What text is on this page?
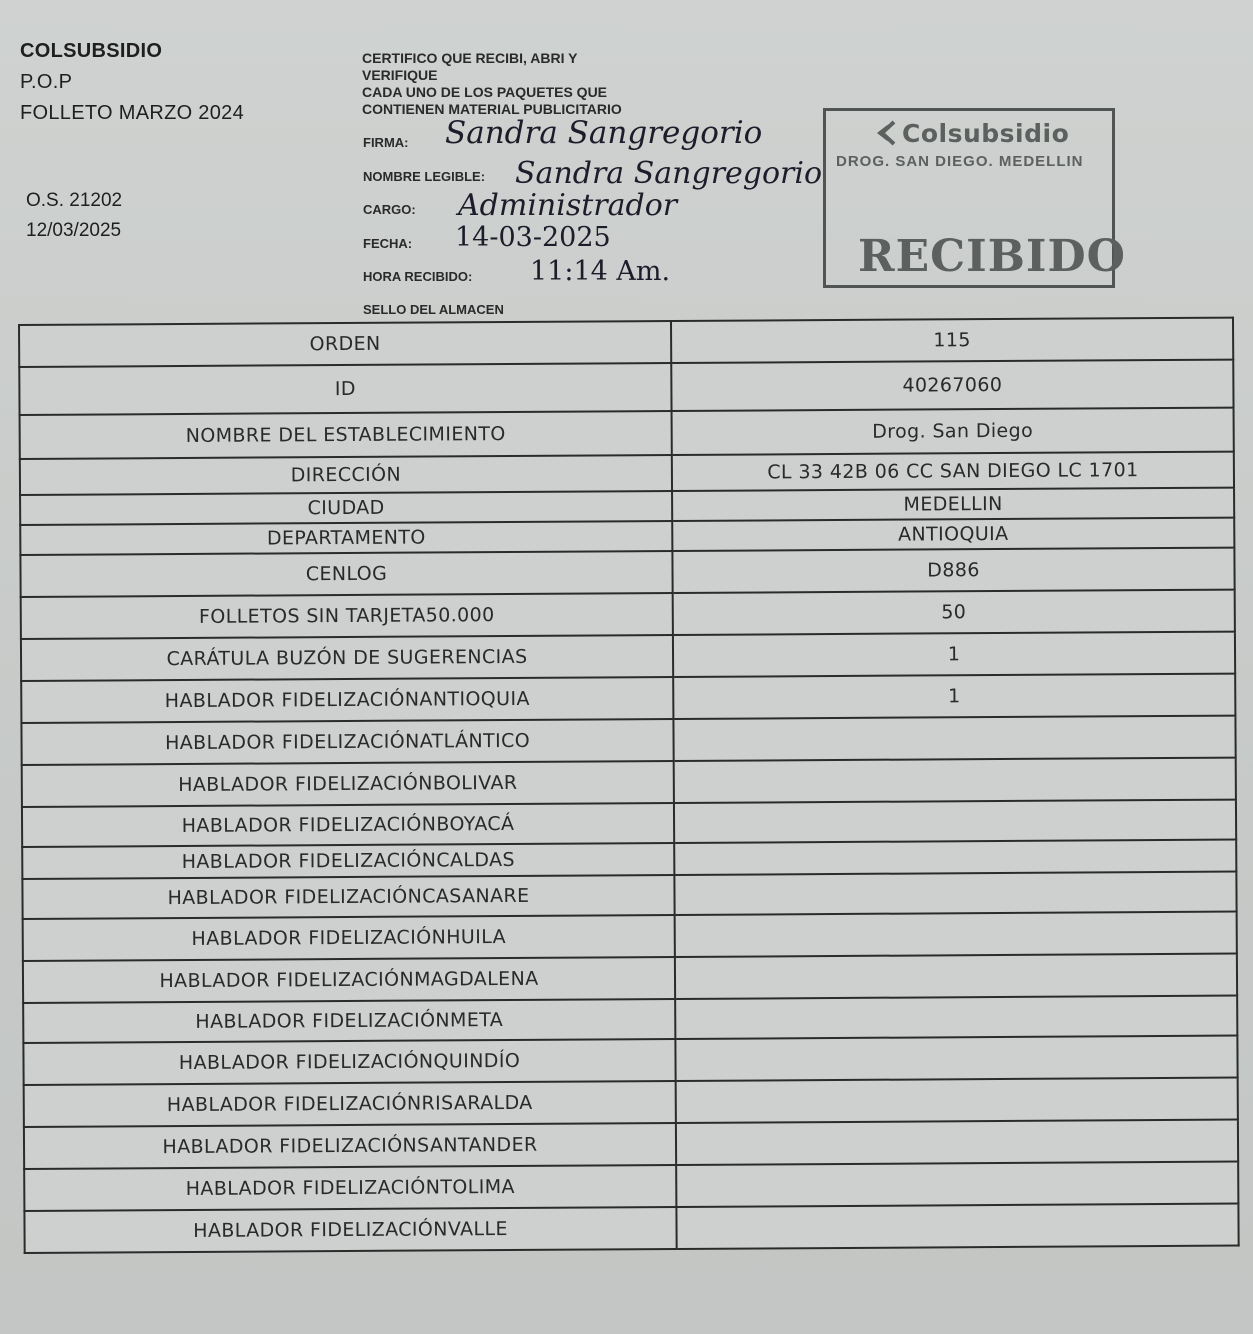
COLSUBSIDIO
P.O.P
FOLLETO MARZO 2024
O.S. 21202
12/03/2025
CERTIFICO QUE RECIBI, ABRI Y
VERIFIQUE
CADA UNO DE LOS PAQUETES QUE
CONTIENEN MATERIAL PUBLICITARIO
FIRMA: Sandra Sangregorio
NOMBRE LEGIBLE: Sandra Sangregorio
CARGO: Administrador
FECHA: 14-03-2025
HORA RECIBIDO: 11:14 Am.
SELLO DEL ALMACEN
Colsubsidio
DROG. SAN DIEGO. MEDELLIN
RECIBIDO
ORDEN	115
ID	40267060
NOMBRE DEL ESTABLECIMIENTO	Drog. San Diego
DIRECCIÓN	CL 33 42B 06 CC SAN DIEGO LC 1701
CIUDAD	MEDELLIN
DEPARTAMENTO	ANTIOQUIA
CENLOG	D886
FOLLETOS SIN TARJETA50.000	50
CARÁTULA BUZÓN DE SUGERENCIAS	1
HABLADOR FIDELIZACIÓNANTIOQUIA	1
HABLADOR FIDELIZACIÓNATLÁNTICO	
HABLADOR FIDELIZACIÓNBOLIVAR	
HABLADOR FIDELIZACIÓNBOYACÁ	
HABLADOR FIDELIZACIÓNCALDAS	
HABLADOR FIDELIZACIÓNCASANARE	
HABLADOR FIDELIZACIÓNHUILA	
HABLADOR FIDELIZACIÓNMAGDALENA	
HABLADOR FIDELIZACIÓNMETA	
HABLADOR FIDELIZACIÓNQUINDÍO	
HABLADOR FIDELIZACIÓNRISARALDA	
HABLADOR FIDELIZACIÓNSANTANDER	
HABLADOR FIDELIZACIÓNTOLIMA	
HABLADOR FIDELIZACIÓNVALLE	
